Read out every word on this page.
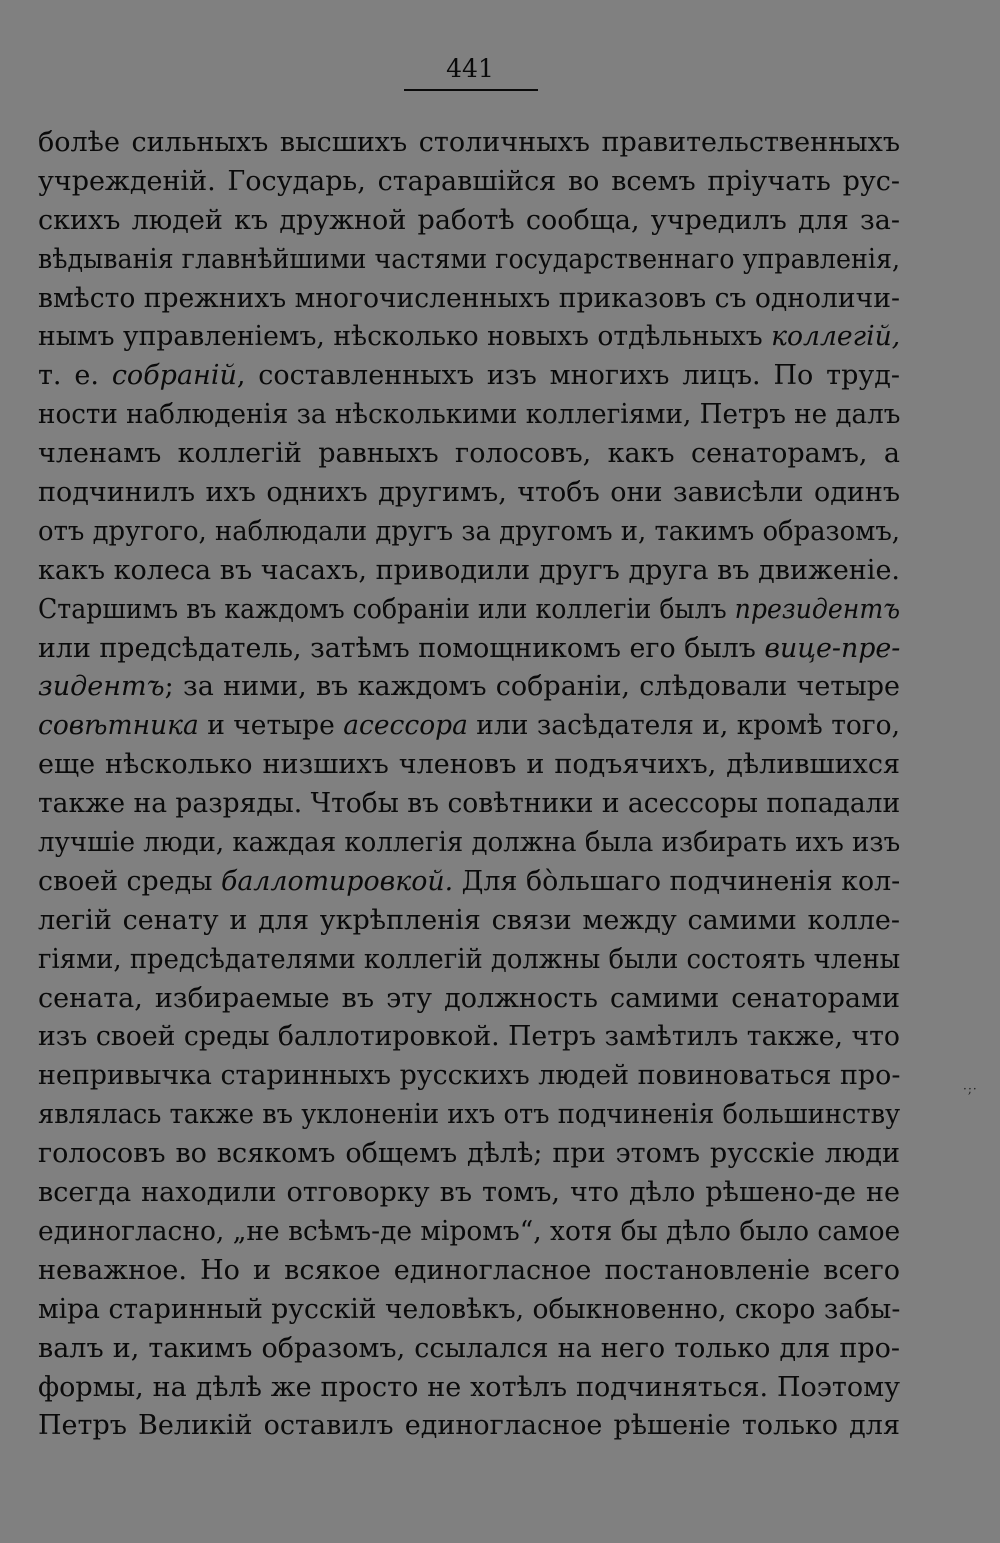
441
болѣе сильныхъ высшихъ столичныхъ правительственныхъ
учрежденій. Государь, старавшійся во всемъ пріучать рус-
скихъ людей къ дружной работѣ сообща, учредилъ для за-
вѣдыванія главнѣйшими частями государственнаго управленія,
вмѣсто прежнихъ многочисленныхъ приказовъ съ одноличи-
нымъ управленіемъ, нѣсколько новыхъ отдѣльныхъ коллегій,
т. е. собраній, составленныхъ изъ многихъ лицъ. По труд-
ности наблюденія за нѣсколькими коллегіями, Петръ не далъ
членамъ коллегій равныхъ голосовъ, какъ сенаторамъ, а
подчинилъ ихъ однихъ другимъ, чтобъ они зависѣли одинъ
отъ другого, наблюдали другъ за другомъ и, такимъ образомъ,
какъ колеса въ часахъ, приводили другъ друга въ движеніе.
Старшимъ въ каждомъ собраніи или коллегіи былъ президентъ
или предсѣдатель, затѣмъ помощникомъ его былъ вице-пре-
зидентъ; за ними, въ каждомъ собраніи, слѣдовали четыре
совѣтника и четыре асессора или засѣдателя и, кромѣ того,
еще нѣсколько низшихъ членовъ и подъячихъ, дѣлившихся
также на разряды. Чтобы въ совѣтники и асессоры попадали
лучшіе люди, каждая коллегія должна была избирать ихъ изъ
своей среды баллотировкой. Для бо̀льшаго подчиненія кол-
легій сенату и для укрѣпленія связи между самими колле-
гіями, предсѣдателями коллегій должны были состоять члены
сената, избираемые въ эту должность самими сенаторами
изъ своей среды баллотировкой. Петръ замѣтилъ также, что
непривычка старинныхъ русскихъ людей повиноваться про-
являлась также въ уклоненіи ихъ отъ подчиненія большинству
голосовъ во всякомъ общемъ дѣлѣ; при этомъ русскіе люди
всегда находили отговорку въ томъ, что дѣло рѣшено-де не
единогласно, „не всѣмъ-де міромъ“, хотя бы дѣло было самое
неважное. Но и всякое единогласное постановленіе всего
міра старинный русскій человѣкъ, обыкновенно, скоро забы-
валъ и, такимъ образомъ, ссылался на него только для про-
формы, на дѣлѣ же просто не хотѣлъ подчиняться. Поэтому
Петръ Великій оставилъ единогласное рѣшеніе только для
·;·
